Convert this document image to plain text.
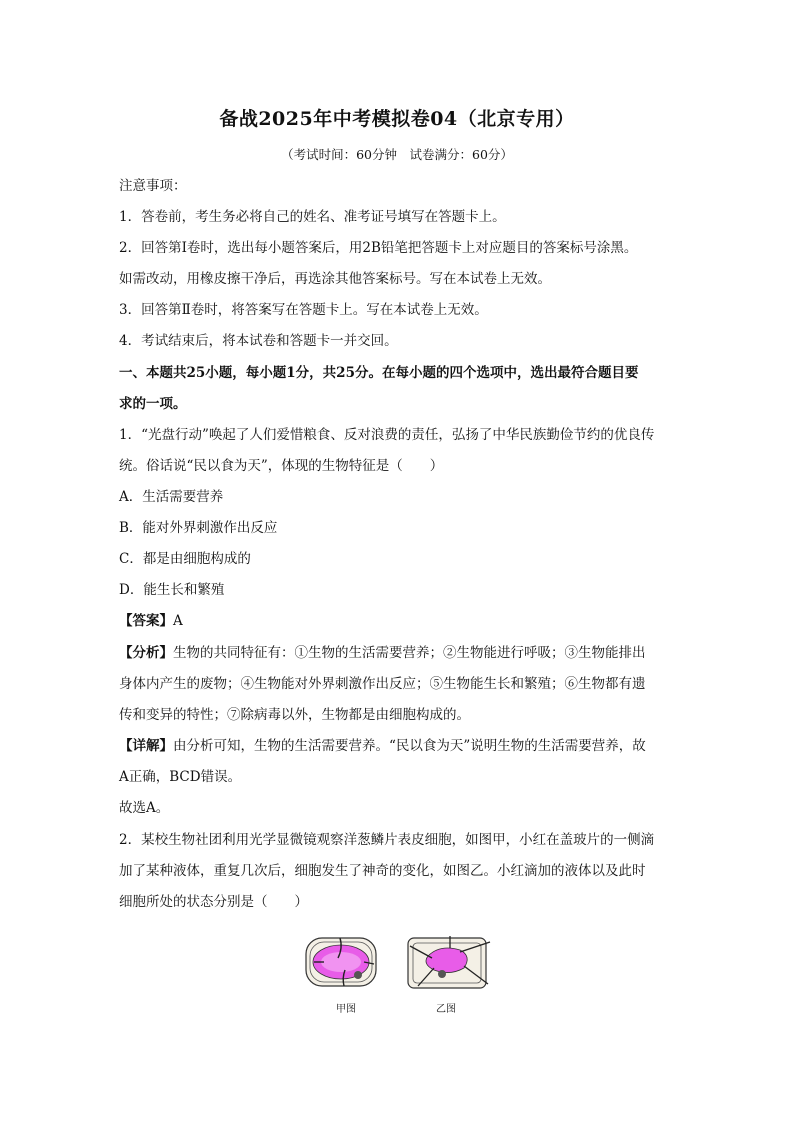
备战2025年中考模拟卷04（北京专用）
（考试时间：60分钟　试卷满分：60分）
注意事项：
1．答卷前，考生务必将自己的姓名、准考证号填写在答题卡上。
2．回答第Ⅰ卷时，选出每小题答案后，用2B铅笔把答题卡上对应题目的答案标号涂黑。
如需改动，用橡皮擦干净后，再选涂其他答案标号。写在本试卷上无效。
3．回答第Ⅱ卷时，将答案写在答题卡上。写在本试卷上无效。
4．考试结束后，将本试卷和答题卡一并交回。
一、本题共25小题，每小题1分，共25分。在每小题的四个选项中，选出最符合题目要
求的一项。
1．“光盘行动”唤起了人们爱惜粮食、反对浪费的责任，弘扬了中华民族勤俭节约的优良传
统。俗话说“民以食为天”，体现的生物特征是（　　）
A．生活需要营养
B．能对外界刺激作出反应
C．都是由细胞构成的
D．能生长和繁殖
【答案】A
【分析】生物的共同特征有：①生物的生活需要营养；②生物能进行呼吸；③生物能排出
身体内产生的废物；④生物能对外界刺激作出反应；⑤生物能生长和繁殖；⑥生物都有遗
传和变异的特性；⑦除病毒以外，生物都是由细胞构成的。
【详解】由分析可知，生物的生活需要营养。“民以食为天”说明生物的生活需要营养，故
A正确，BCD错误。
故选A。
2．某校生物社团利用光学显微镜观察洋葱鳞片表皮细胞，如图甲，小红在盖玻片的一侧滴
加了某种液体，重复几次后，细胞发生了神奇的变化，如图乙。小红滴加的液体以及此时
细胞所处的状态分别是（　　）
甲图	乙图
